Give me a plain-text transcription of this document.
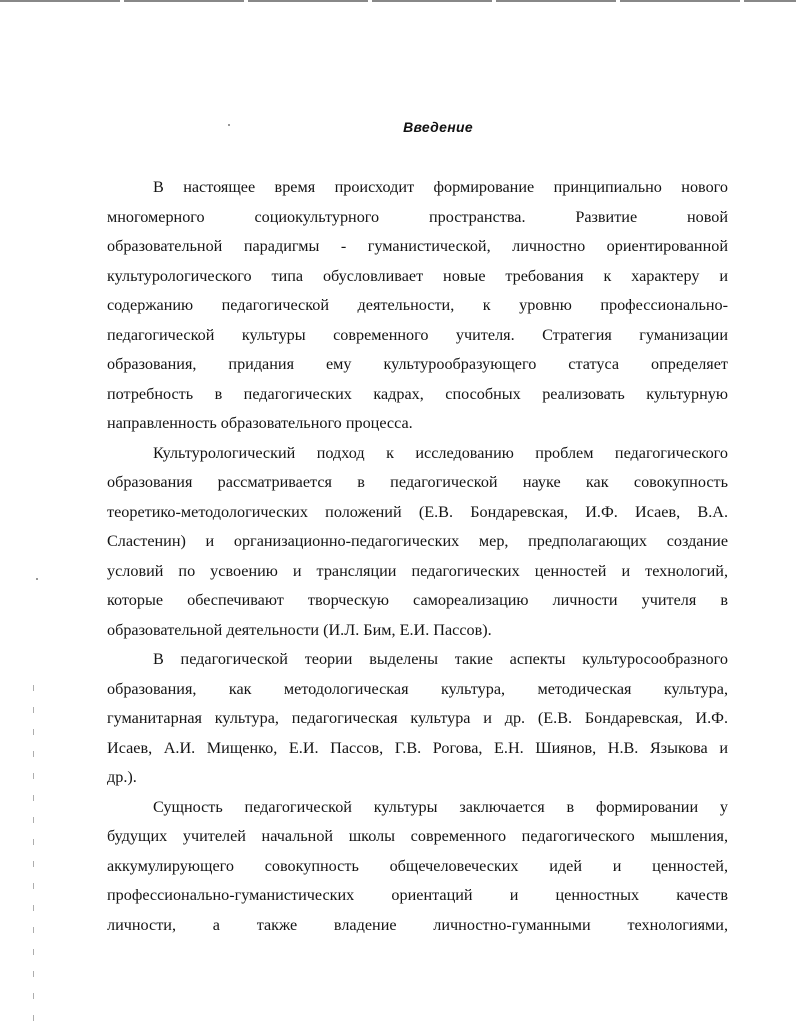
Введение
В настоящее время происходит формирование принципиально нового
многомерного социокультурного пространства. Развитие новой
образовательной парадигмы - гуманистической, личностно ориентированной
культурологического типа обусловливает новые требования к характеру и
содержанию педагогической деятельности, к уровню профессионально-
педагогической культуры современного учителя. Стратегия гуманизации
образования, придания ему культурообразующего статуса определяет
потребность в педагогических кадрах, способных реализовать культурную
направленность образовательного процесса.
Культурологический подход к исследованию проблем педагогического
образования рассматривается в педагогической науке как совокупность
теоретико-методологических положений (Е.В. Бондаревская, И.Ф. Исаев, В.А.
Сластенин) и организационно-педагогических мер, предполагающих создание
условий по усвоению и трансляции педагогических ценностей и технологий,
которые обеспечивают творческую самореализацию личности учителя в
образовательной деятельности (И.Л. Бим, Е.И. Пассов).
В педагогической теории выделены такие аспекты культуросообразного
образования, как методологическая культура, методическая культура,
гуманитарная культура, педагогическая культура и др. (Е.В. Бондаревская, И.Ф.
Исаев, А.И. Мищенко, Е.И. Пассов, Г.В. Рогова, Е.Н. Шиянов, Н.В. Языкова и
др.).
Сущность педагогической культуры заключается в формировании у
будущих учителей начальной школы современного педагогического мышления,
аккумулирующего совокупность общечеловеческих идей и ценностей,
профессионально-гуманистических ориентаций и ценностных качеств
личности, а также владение личностно-гуманными технологиями,
